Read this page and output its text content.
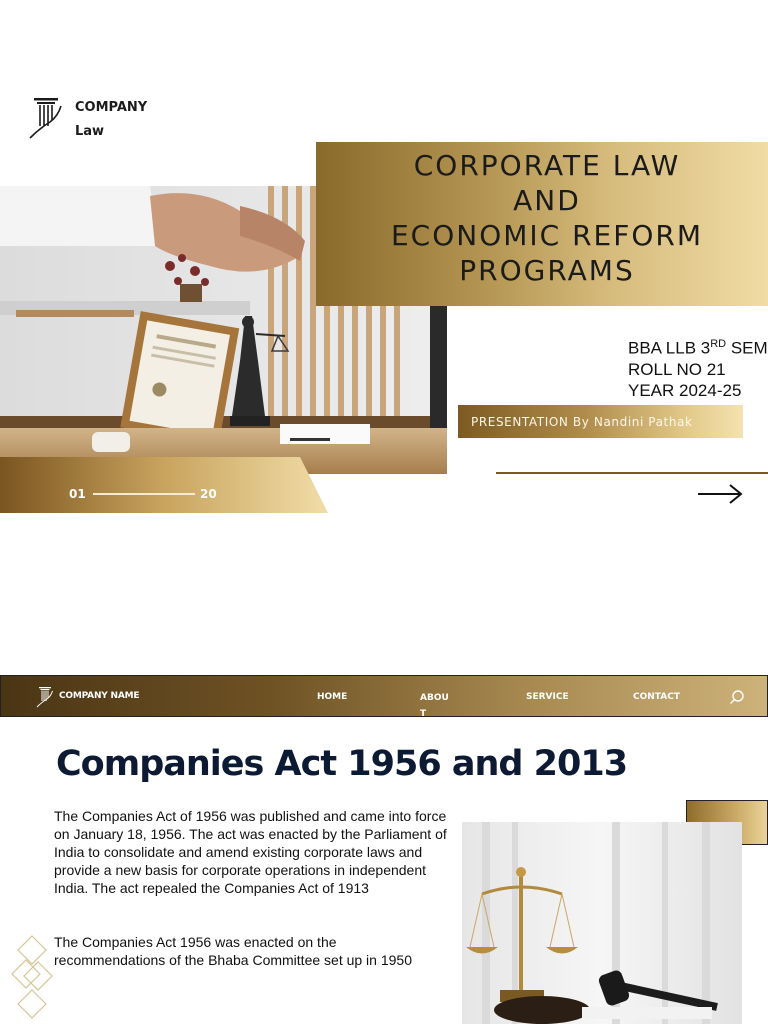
COMPANY
Law
CORPORATE LAW
AND
ECONOMIC REFORM
PROGRAMS
BBA LLB 3RD SEM
ROLL NO 21
YEAR 2024-25
PRESENTATION By Nandini Pathak
01	20
COMPANY NAME	HOME	ABOUT
SERVICE	CONTACT
Companies Act 1956 and 2013
The Companies Act of 1956 was published and came into force on January 18, 1956. The act was enacted by the Parliament of India to consolidate and amend existing corporate laws and provide a new basis for corporate operations in independent India. The act repealed the Companies Act of 1913
The Companies Act 1956 was enacted on the recommendations of the Bhaba Committee set up in 1950
